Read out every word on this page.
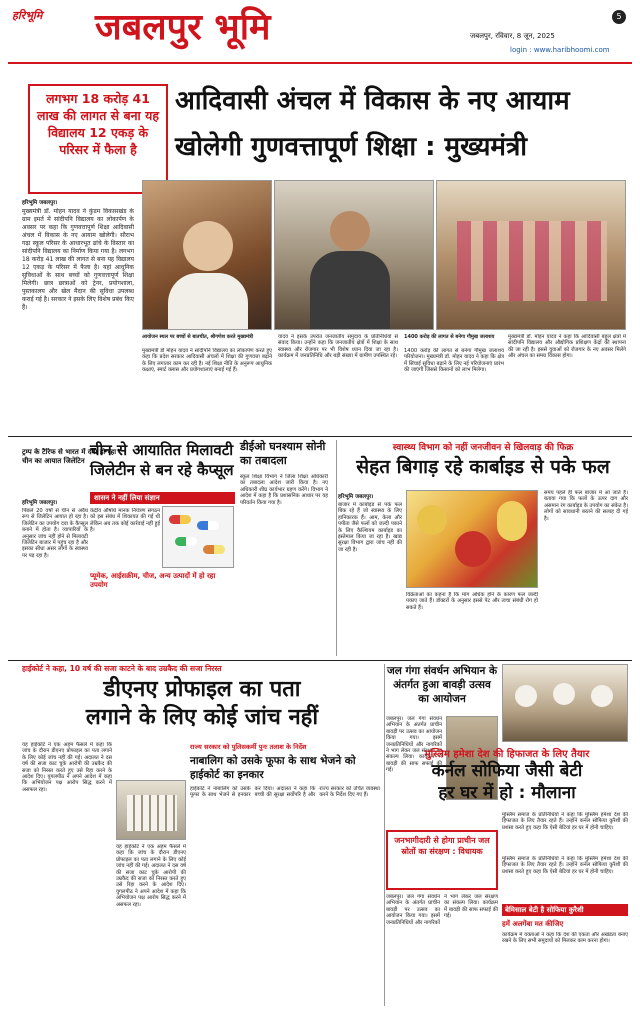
हरिभूमि जबलपुर भूमि	जबलपुर, रविवार, 8 जून, 2025
login : www.haribhoomi.com
5
लगभग 18 करोड़ 41 लाख की लागत से बना यह विद्यालय 12 एकड़ के परिसर में फैला है
आदिवासी अंचल में विकास के नए आयाम
खोलेगी गुणवत्तापूर्ण शिक्षा : मुख्यमंत्री
हरिभूमि जबलपुर।
मुख्यमंत्री डॉ. मोहन यादव ने कुंडम विकासखंड के ग्राम इमर्त में सांदीपनि विद्यालय का लोकार्पण के अवसर पर कहा कि गुणवत्तापूर्ण शिक्षा आदिवासी अंचल में विकास के नए आयाम खोलेगी। सौराभ गढ़ा स्कूल परिसर के आधारभूत ढांचे के विस्तार का सांदीपनि विद्यालय का निर्माण किया गया है। लगभग 18 करोड़ 41 लाख की लागत से बना यह विद्यालय 12 एकड़ के परिसर में फैला है। यहां आधुनिक सुविधाओं के साथ बच्चों को गुणवत्तापूर्ण शिक्षा मिलेगी। छात्र छात्राओं को ट्रेनर, प्रयोगशाला, पुस्तकालय और खेल मैदान की सुविधा उपलब्ध कराई गई है। सरकार ने इसके लिए विशेष प्रबंध किए हैं।
आयोजन स्थल पर बच्चों से बातचीत, श्रीगणेश करते मुख्यमंत्री
मुख्यमंत्री डॉ मोहन यादव ने सांदीपनि विद्यालय का लोकार्पण करते हुए कहा कि प्रदेश सरकार आदिवासी अंचलों में शिक्षा की गुणवत्ता बढ़ाने के लिए लगातार काम कर रही है। नई शिक्षा नीति के अनुरूप आधुनिक कक्षाएं, स्मार्ट क्लास और प्रयोगशालाएं बनाई गई हैं।
यादव ने इसके उपरांत जनजातीय समुदाय के प्रतिनिधियों से संवाद किया। उन्होंने कहा कि जनजातीय क्षेत्रों में शिक्षा के साथ स्वास्थ्य और रोजगार पर भी विशेष ध्यान दिया जा रहा है। कार्यक्रम में जनप्रतिनिधि और बड़ी संख्या में ग्रामीण उपस्थित रहे।
1400 करोड़ की लागत से बनेगा गौमुख जलाशय
1400 करोड़ की लागत से बनेगा गौमुख जलाशय परियोजना। मुख्यमंत्री डॉ. मोहन यादव ने कहा कि क्षेत्र में सिंचाई सुविधा बढ़ाने के लिए नई परियोजनाएं प्रारंभ की जाएंगी जिससे किसानों को लाभ मिलेगा।
मुख्यमंत्री डॉ. मोहन यादव ने कहा कि आदिवासी बहुल क्षेत्रों में सांदीपनि विद्यालय और औद्योगिक प्रशिक्षण केंद्रों की स्थापना की जा रही है। इससे युवाओं को रोजगार के नए अवसर मिलेंगे और अंचल का समग्र विकास होगा।
ट्रम्प के टैरिफ से भारत में दवा हो रहा चीन का आयात जिलेटिन
चीन से आयातित मिलावटी जिलेटीन से बन रहे कैप्सूल
हरिभूमि जबलपुर।
पिछले 20 वर्षों से चीन से अवैध रूप से जिलेटिन आयात हो रहा है। जिलेटिन का उपयोग दवा के कैप्सूल बनाने में होता है। व्यापारियों के अनुसार जांच नहीं होने से मिलावटी जिलेटिन बाजार में पहुंच रहा है और इसका सीधा असर लोगों के स्वास्थ्य पर पड़ रहा है।
शासन ने नहीं लिया संज्ञान
केंद्रीय औषधि मानक नियंत्रण संगठन को इस संबंध में शिकायत की गई थी लेकिन अब तक कोई कार्रवाई नहीं हुई है।
प्यूमेक, आईसक्रीम, चीज, अन्य उत्पादों में हो रहा उपयोग
डीईओ घनश्याम सोनी का तबादला
स्कूल शिक्षा विभाग ने जिला शिक्षा अधिकारी का तबादला आदेश जारी किया है। नए अधिकारी शीघ्र कार्यभार ग्रहण करेंगे। विभाग ने आदेश में कहा है कि प्रशासनिक आधार पर यह परिवर्तन किया गया है।
स्वास्थ्य विभाग को नहीं जनजीवन से खिलवाड़ की फिक्र
सेहत बिगाड़ रहे कार्बाइड से पके फल
हरिभूमि जबलपुर।
बाजार में कार्बाइड से पके फल बिक रहे हैं जो स्वास्थ्य के लिए हानिकारक हैं। आम, केला और पपीता जैसे फलों को जल्दी पकाने के लिए कैल्शियम कार्बाइड का इस्तेमाल किया जा रहा है। खाद्य सुरक्षा विभाग द्वारा जांच नहीं की जा रही है।
विक्रेताओं का कहना है कि मांग अधिक होने के कारण फल जल्दी पकाए जाते हैं। डॉक्टरों के अनुसार इससे पेट और त्वचा संबंधी रोग हो सकते हैं।
समय पहले ही फल बाजार में आ जाते हैं। बताया गया कि फलों के ऊपर दाग और असमान रंग कार्बाइड के उपयोग का संकेत है। लोगों को सावधानी बरतने की सलाह दी गई है।
हाईकोर्ट ने कहा, 10 वर्ष की सजा काटने के बाद उम्रकैद की सजा निरस्त
डीएनए प्रोफाइल का पता
लगाने के लिए कोई जांच नहीं
यह हाईकोर्ट ने एक अहम फैसले में कहा कि जांच के दौरान डीएनए प्रोफाइल का पता लगाने के लिए कोई जांच नहीं की गई। अदालत ने दस वर्ष की सजा काट चुके आरोपी की उम्रकैद की सजा को निरस्त करते हुए उसे रिहा करने के आदेश दिए। युगलपीठ ने अपने आदेश में कहा कि अभियोजन पक्ष आरोप सिद्ध करने में असफल रहा।
यह हाईकोर्ट ने एक अहम फैसले में कहा कि जांच के दौरान डीएनए प्रोफाइल का पता लगाने के लिए कोई जांच नहीं की गई। अदालत ने दस वर्ष की सजा काट चुके आरोपी की उम्रकैद की सजा को निरस्त करते हुए उसे रिहा करने के आदेश दिए। युगलपीठ ने अपने आदेश में कहा कि अभियोजन पक्ष आरोप सिद्ध करने में असफल रहा।
राज्य सरकार को पुलिसकर्मी पुनः तलाश के निर्देश
नाबालिग को उसके फूफा के साथ भेजने को हाईकोर्ट का इनकार
हाईकोर्ट ने नाबालिग को उसके फूफा के साथ भेजने से इनकार कर दिया। अदालत ने कहा कि बच्ची की सुरक्षा सर्वोपरि है और राज्य सरकार को उचित व्यवस्था करने के निर्देश दिए गए हैं।
जल गंगा संवर्धन अभियान के अंतर्गत हुआ बावड़ी उत्सव का आयोजन
जबलपुर। जल गंगा संवर्धन अभियान के अंतर्गत प्राचीन बावड़ी पर उत्सव का आयोजन किया गया। इसमें जनप्रतिनिधियों और नागरिकों ने भाग लेकर जल संरक्षण का संकल्प लिया। कार्यक्रम में बावड़ी की साफ सफाई की गई।
जनभागीदारी से होगा प्राचीन जल स्रोतों का संरक्षण : विधायक
जबलपुर। जल गंगा संवर्धन अभियान के अंतर्गत प्राचीन बावड़ी पर उत्सव का आयोजन किया गया। इसमें जनप्रतिनिधियों और नागरिकों ने भाग लेकर जल संरक्षण का संकल्प लिया। कार्यक्रम में बावड़ी की साफ सफाई की गई।
मुस्लिम हमेशा देश की हिफाजत के लिए तैयार
कर्नल सोफिया जैसी बेटी
हर घर में हो : मौलाना
मुस्लिम समाज के प्रतिनिधियों ने कहा कि मुस्लिम हमेशा देश की हिफाजत के लिए तैयार रहते हैं। उन्होंने कर्नल सोफिया कुरैशी की प्रशंसा करते हुए कहा कि ऐसी बेटियां हर घर में होनी चाहिए।
बेमिसाल बेटी है सोफिया कुरैशी
मुस्लिम समाज के प्रतिनिधियों ने कहा कि मुस्लिम हमेशा देश की हिफाजत के लिए तैयार रहते हैं। उन्होंने कर्नल सोफिया कुरैशी की प्रशंसा करते हुए कहा कि ऐसी बेटियां हर घर में होनी चाहिए।
हमें अलगेंबा मत कीजिए
कार्यक्रम में वक्ताओं ने कहा कि देश की एकता और अखंडता बनाए रखने के लिए सभी समुदायों को मिलकर काम करना होगा।
